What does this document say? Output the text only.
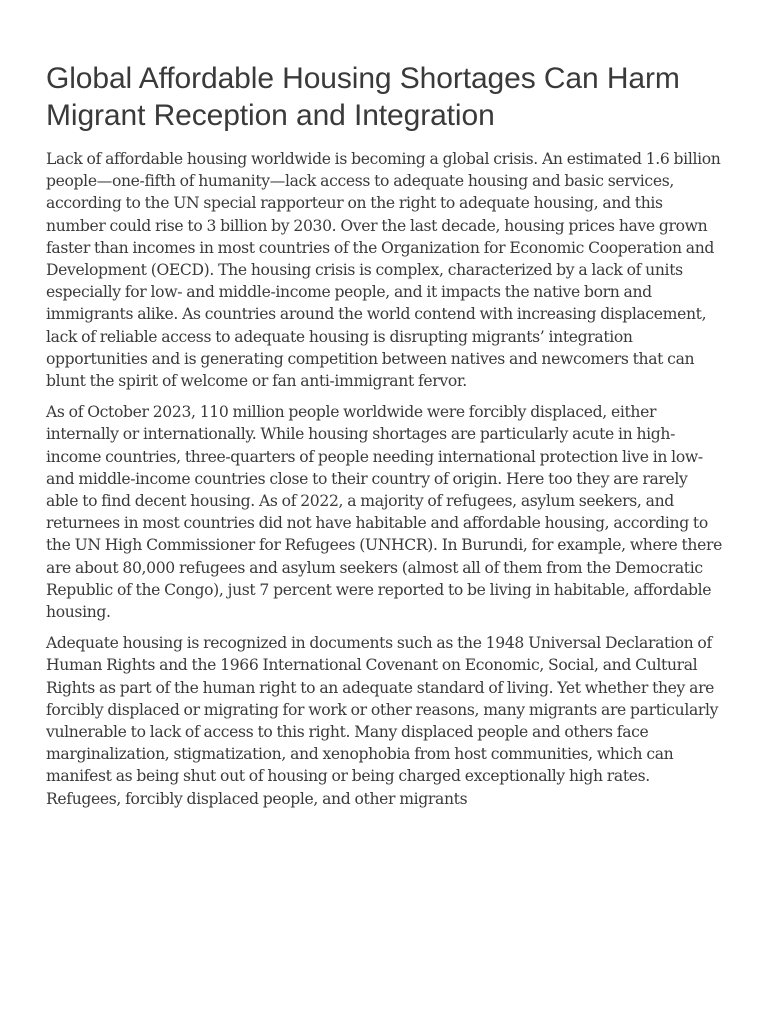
Global Affordable Housing Shortages Can Harm Migrant Reception and Integration

Lack of affordable housing worldwide is becoming a global crisis. An estimated 1.6 billion people—one-fifth of humanity—lack access to adequate housing and basic services, according to the UN special rapporteur on the right to adequate housing, and this number could rise to 3 billion by 2030. Over the last decade, housing prices have grown faster than incomes in most countries of the Organization for Economic Cooperation and Development (OECD). The housing crisis is complex, characterized by a lack of units especially for low- and middle-income people, and it impacts the native born and immigrants alike. As countries around the world contend with increasing displacement, lack of reliable access to adequate housing is disrupting migrants’ integration opportunities and is generating competition between natives and newcomers that can blunt the spirit of welcome or fan anti-immigrant fervor.

As of October 2023, 110 million people worldwide were forcibly displaced, either internally or internationally. While housing shortages are particularly acute in high-income countries, three-quarters of people needing international protection live in low- and middle-income countries close to their country of origin. Here too they are rarely able to find decent housing. As of 2022, a majority of refugees, asylum seekers, and returnees in most countries did not have habitable and affordable housing, according to the UN High Commissioner for Refugees (UNHCR). In Burundi, for example, where there are about 80,000 refugees and asylum seekers (almost all of them from the Democratic Republic of the Congo), just 7 percent were reported to be living in habitable, affordable housing.

Adequate housing is recognized in documents such as the 1948 Universal Declaration of Human Rights and the 1966 International Covenant on Economic, Social, and Cultural Rights as part of the human right to an adequate standard of living. Yet whether they are forcibly displaced or migrating for work or other reasons, many migrants are particularly vulnerable to lack of access to this right. Many displaced people and others face marginalization, stigmatization, and xenophobia from host communities, which can manifest as being shut out of housing or being charged exceptionally high rates. Refugees, forcibly displaced people, and other migrants
